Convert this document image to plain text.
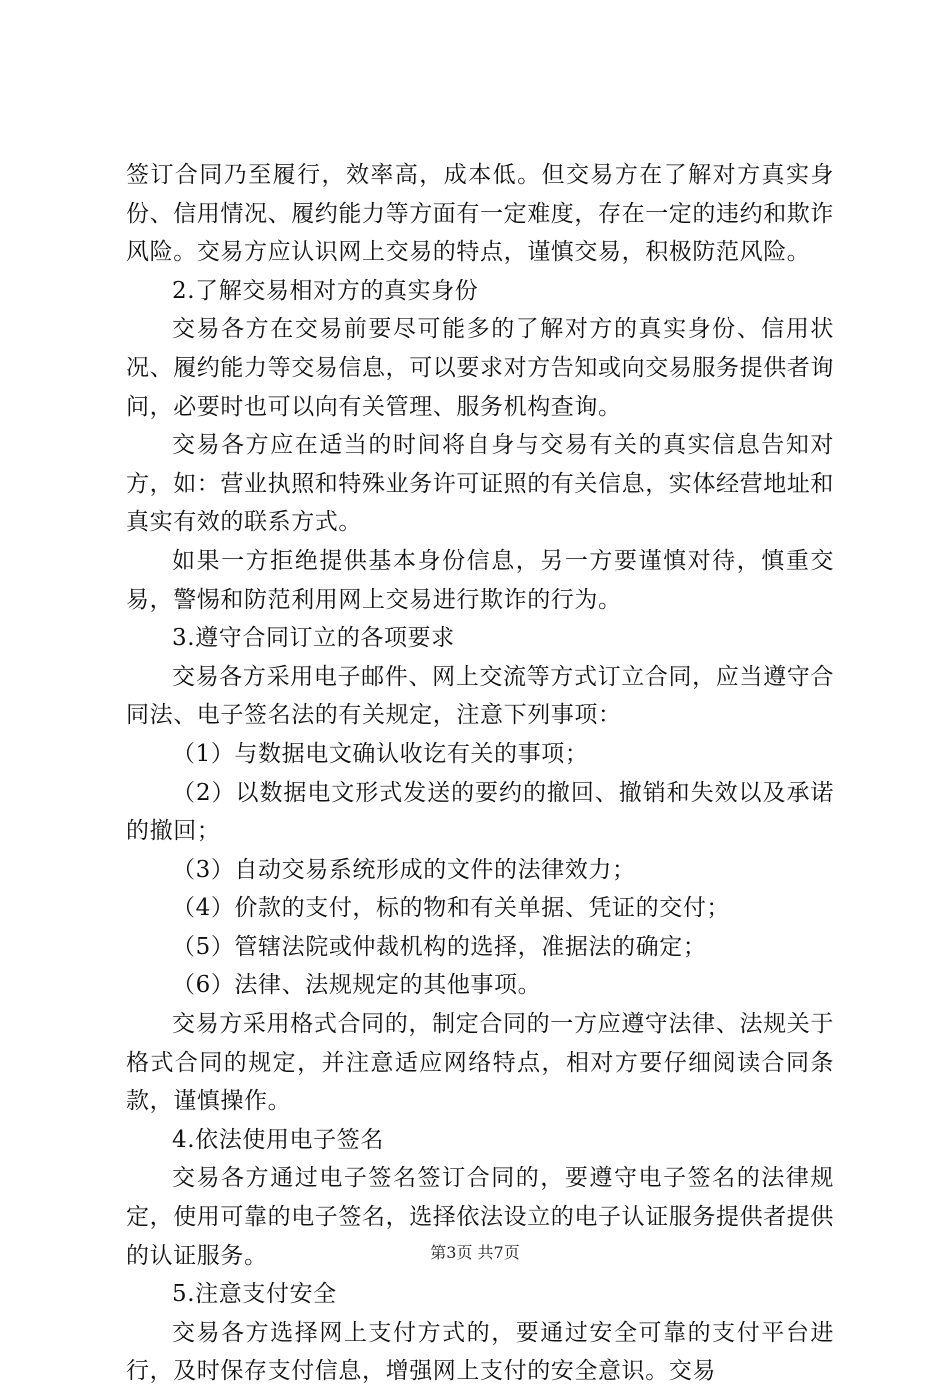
签订合同乃至履行，效率高，成本低。但交易方在了解对方真实身份、信用情况、履约能力等方面有一定难度，存在一定的违约和欺诈风险。交易方应认识网上交易的特点，谨慎交易，积极防范风险。

2.了解交易相对方的真实身份

交易各方在交易前要尽可能多的了解对方的真实身份、信用状况、履约能力等交易信息，可以要求对方告知或向交易服务提供者询问，必要时也可以向有关管理、服务机构查询。

交易各方应在适当的时间将自身与交易有关的真实信息告知对方，如：营业执照和特殊业务许可证照的有关信息，实体经营地址和真实有效的联系方式。

如果一方拒绝提供基本身份信息，另一方要谨慎对待，慎重交易，警惕和防范利用网上交易进行欺诈的行为。

3.遵守合同订立的各项要求

交易各方采用电子邮件、网上交流等方式订立合同，应当遵守合同法、电子签名法的有关规定，注意下列事项：

（1）与数据电文确认收讫有关的事项；

（2）以数据电文形式发送的要约的撤回、撤销和失效以及承诺的撤回；

（3）自动交易系统形成的文件的法律效力；

（4）价款的支付，标的物和有关单据、凭证的交付；

（5）管辖法院或仲裁机构的选择，准据法的确定；

（6）法律、法规规定的其他事项。

交易方采用格式合同的，制定合同的一方应遵守法律、法规关于格式合同的规定，并注意适应网络特点，相对方要仔细阅读合同条款，谨慎操作。

4.依法使用电子签名

交易各方通过电子签名签订合同的，要遵守电子签名的法律规定，使用可靠的电子签名，选择依法设立的电子认证服务提供者提供的认证服务。

5.注意支付安全

交易各方选择网上支付方式的，要通过安全可靠的支付平台进行，及时保存支付信息，增强网上支付的安全意识。交易

第3页 共7页
